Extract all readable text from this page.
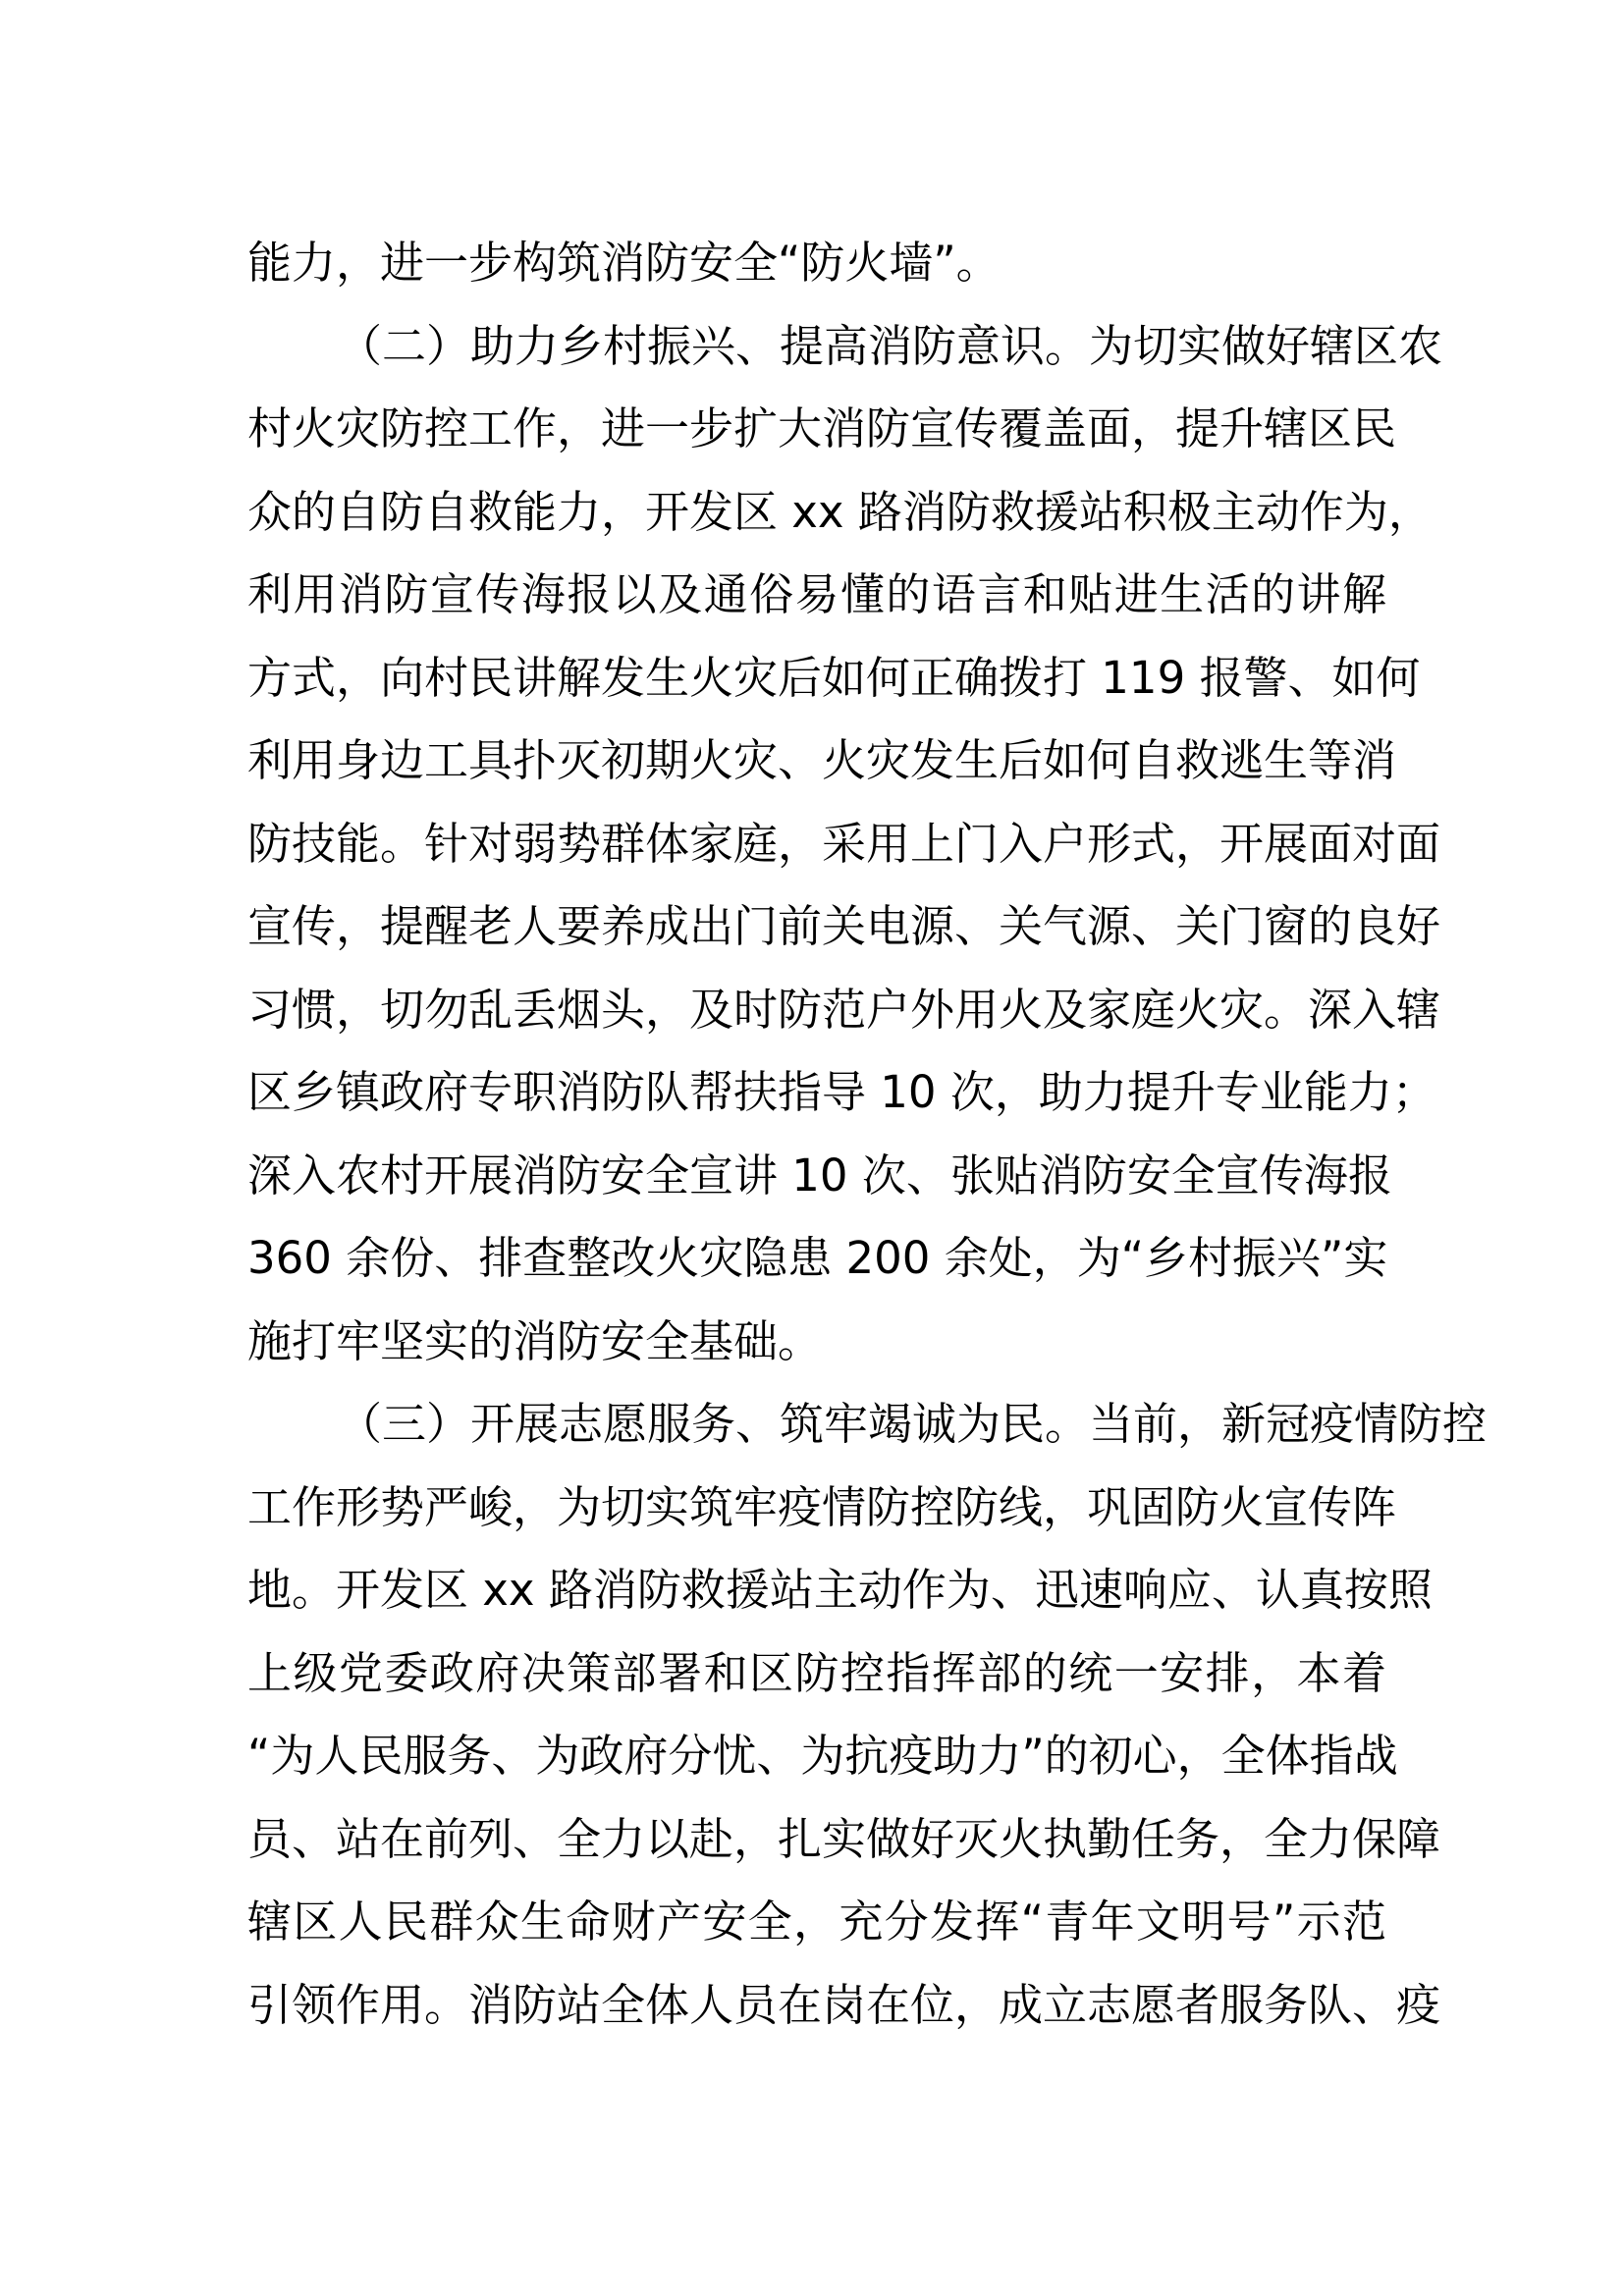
能力，进一步构筑消防安全“防火墙”。
（二）助力乡村振兴、提高消防意识。为切实做好辖区农
村火灾防控工作，进一步扩大消防宣传覆盖面，提升辖区民
众的自防自救能力，开发区 xx 路消防救援站积极主动作为，
利用消防宣传海报以及通俗易懂的语言和贴进生活的讲解
方式，向村民讲解发生火灾后如何正确拨打 119 报警、如何
利用身边工具扑灭初期火灾、火灾发生后如何自救逃生等消
防技能。针对弱势群体家庭，采用上门入户形式，开展面对面
宣传，提醒老人要养成出门前关电源、关气源、关门窗的良好
习惯，切勿乱丢烟头，及时防范户外用火及家庭火灾。深入辖
区乡镇政府专职消防队帮扶指导 10 次，助力提升专业能力；
深入农村开展消防安全宣讲 10 次、张贴消防安全宣传海报
360 余份、排查整改火灾隐患 200 余处，为“乡村振兴”实
施打牢坚实的消防安全基础。
（三）开展志愿服务、筑牢竭诚为民。当前，新冠疫情防控
工作形势严峻，为切实筑牢疫情防控防线，巩固防火宣传阵
地。开发区 xx 路消防救援站主动作为、迅速响应、认真按照
上级党委政府决策部署和区防控指挥部的统一安排，本着
“为人民服务、为政府分忧、为抗疫助力”的初心，全体指战
员、站在前列、全力以赴，扎实做好灭火执勤任务，全力保障
辖区人民群众生命财产安全，充分发挥“青年文明号”示范
引领作用。消防站全体人员在岗在位，成立志愿者服务队、疫
